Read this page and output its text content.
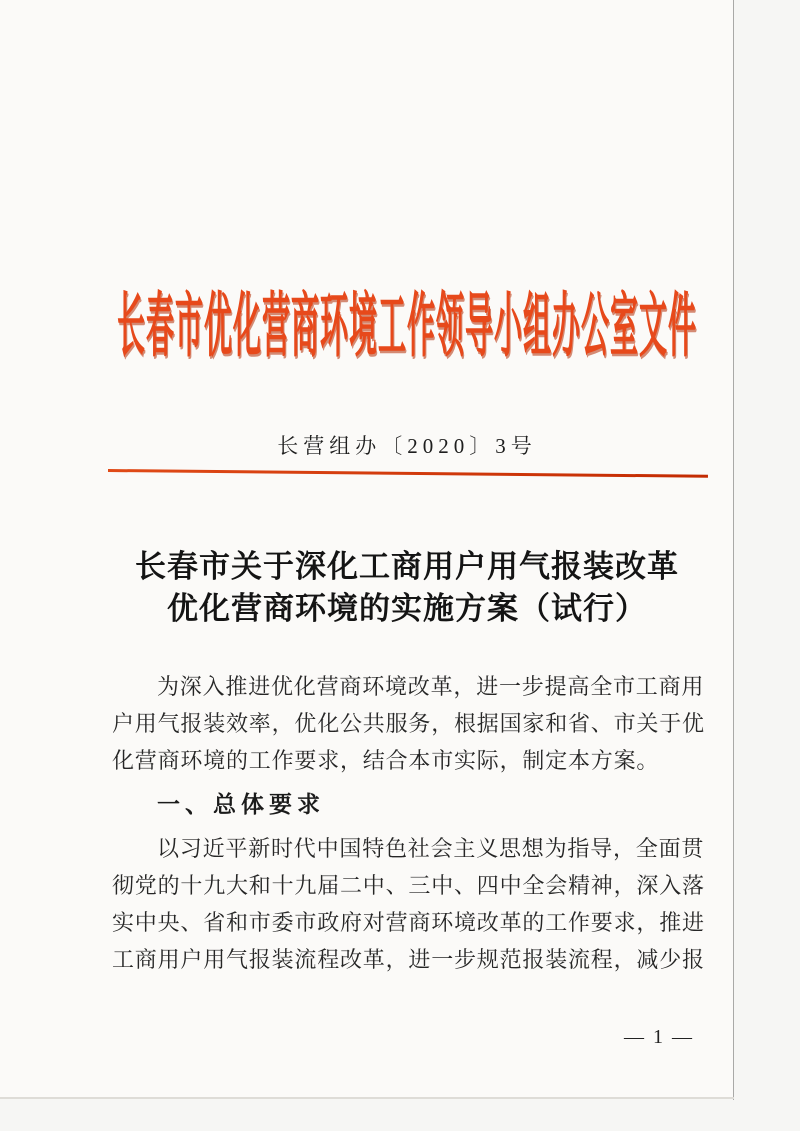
长春市优化营商环境工作领导小组办公室文件
长营组办〔2020〕3号
长春市关于深化工商用户用气报装改革
优化营商环境的实施方案（试行）
为深入推进优化营商环境改革，进一步提高全市工商用
户用气报装效率，优化公共服务，根据国家和省、市关于优
化营商环境的工作要求，结合本市实际，制定本方案。
一、总体要求
以习近平新时代中国特色社会主义思想为指导，全面贯
彻党的十九大和十九届二中、三中、四中全会精神，深入落
实中央、省和市委市政府对营商环境改革的工作要求，推进
工商用户用气报装流程改革，进一步规范报装流程，减少报
— 1 —
